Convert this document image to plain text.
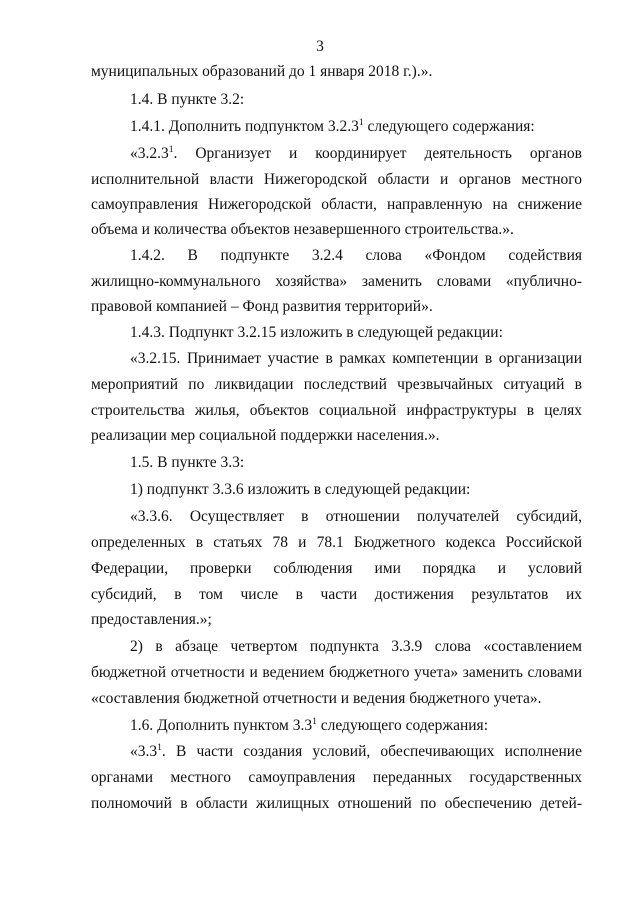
3
муниципальных образований до 1 января 2018 г.).».
1.4. В пункте 3.2:
1.4.1. Дополнить подпунктом 3.2.3$^1$ следующего содержания:
«3.2.3$^1$. Организует и координирует деятельность органов
исполнительной власти Нижегородской области и органов местного
самоуправления Нижегородской области, направленную на снижение
объема и количества объектов незавершенного строительства.».
1.4.2. В подпункте 3.2.4 слова «Фондом содействия
жилищно-коммунального хозяйства» заменить словами «публично-
правовой компанией – Фонд развития территорий».
1.4.3. Подпункт 3.2.15 изложить в следующей редакции:
«3.2.15. Принимает участие в рамках компетенции в организации
мероприятий по ликвидации последствий чрезвычайных ситуаций в
строительства жилья, объектов социальной инфраструктуры в целях
реализации мер социальной поддержки населения.».
1.5. В пункте 3.3:
1) подпункт 3.3.6 изложить в следующей редакции:
«3.3.6. Осуществляет в отношении получателей субсидий,
определенных в статьях 78 и 78.1 Бюджетного кодекса Российской
Федерации, проверки соблюдения ими порядка и условий
субсидий, в том числе в части достижения результатов их
предоставления.»;
2) в абзаце четвертом подпункта 3.3.9 слова «составлением
бюджетной отчетности и ведением бюджетного учета» заменить словами
«составления бюджетной отчетности и ведения бюджетного учета».
1.6. Дополнить пунктом $3.3^1$ следующего содержания:
«$3.3^1$. В части создания условий, обеспечивающих исполнение
органами местного самоуправления переданных государственных
полномочий в области жилищных отношений по обеспечению детей-
